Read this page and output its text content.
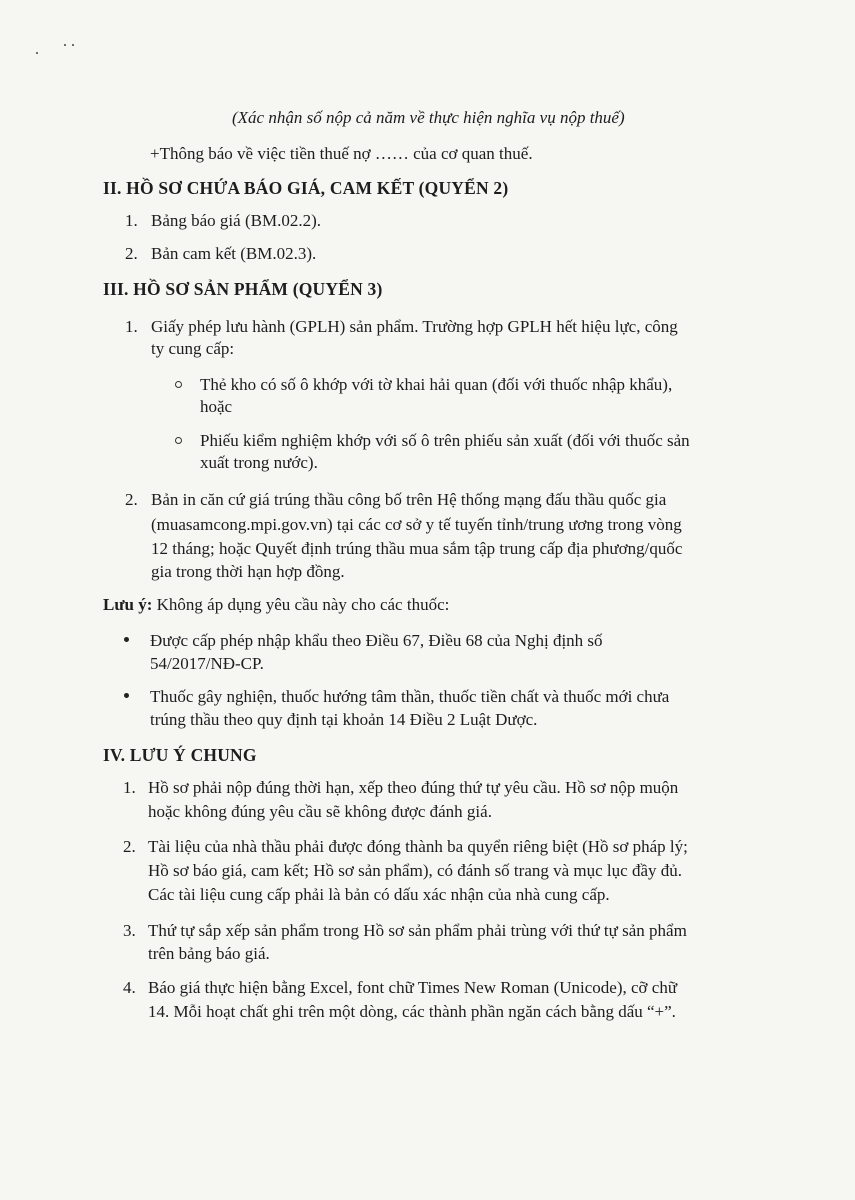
(Xác nhận số nộp cả năm về thực hiện nghĩa vụ nộp thuế)
+Thông báo về việc tiền thuế nợ …… của cơ quan thuế.
II. HỒ SƠ CHỨA BÁO GIÁ, CAM KẾT (QUYỂN 2)
1. Bảng báo giá (BM.02.2).
2. Bản cam kết (BM.02.3).
III. HỒ SƠ SẢN PHẨM (QUYỂN 3)
1. Giấy phép lưu hành (GPLH) sản phẩm. Trường hợp GPLH hết hiệu lực, công
ty cung cấp:
Thẻ kho có số ô khớp với tờ khai hải quan (đối với thuốc nhập khẩu),
hoặc
Phiếu kiểm nghiệm khớp với số ô trên phiếu sản xuất (đối với thuốc sản
xuất trong nước).
2. Bản in căn cứ giá trúng thầu công bố trên Hệ thống mạng đấu thầu quốc gia
(muasamcong.mpi.gov.vn) tại các cơ sở y tế tuyến tỉnh/trung ương trong vòng
12 tháng; hoặc Quyết định trúng thầu mua sắm tập trung cấp địa phương/quốc
gia trong thời hạn hợp đồng.
Lưu ý: Không áp dụng yêu cầu này cho các thuốc:
Được cấp phép nhập khẩu theo Điều 67, Điều 68 của Nghị định số
54/2017/NĐ-CP.
Thuốc gây nghiện, thuốc hướng tâm thần, thuốc tiền chất và thuốc mới chưa
trúng thầu theo quy định tại khoản 14 Điều 2 Luật Dược.
IV. LƯU Ý CHUNG
1. Hồ sơ phải nộp đúng thời hạn, xếp theo đúng thứ tự yêu cầu. Hồ sơ nộp muộn
hoặc không đúng yêu cầu sẽ không được đánh giá.
2. Tài liệu của nhà thầu phải được đóng thành ba quyển riêng biệt (Hồ sơ pháp lý;
Hồ sơ báo giá, cam kết; Hồ sơ sản phẩm), có đánh số trang và mục lục đầy đủ.
Các tài liệu cung cấp phải là bản có dấu xác nhận của nhà cung cấp.
3. Thứ tự sắp xếp sản phẩm trong Hồ sơ sản phẩm phải trùng với thứ tự sản phẩm
trên bảng báo giá.
4. Báo giá thực hiện bằng Excel, font chữ Times New Roman (Unicode), cỡ chữ
14. Mỗi hoạt chất ghi trên một dòng, các thành phần ngăn cách bằng dấu “+”.
